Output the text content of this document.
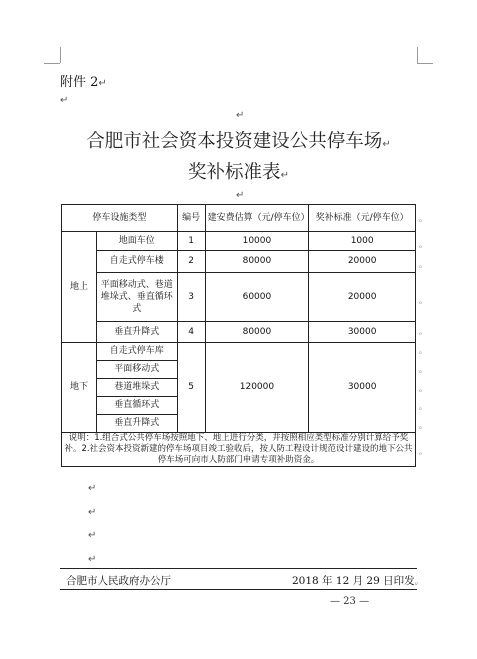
附件 2↵
↵
↵
合肥市社会资本投资建设公共停车场↵
奖补标准表↵
↵
停车设施类型		编号	建安费估算（元/停车位）	奖补标准（元/停车位）
地上	地面车位	1	10000	1000
	自走式停车楼	2	80000	20000
	平面移动式、巷道堆垛式、垂直循环式	3	60000	20000
	垂直升降式	4	80000	30000
地下	自走式停车库	5	120000	30000
	平面移动式			
	巷道堆垛式			
	垂直循环式			
	垂直升降式			
说明：1.组合式公共停车场按照地下、地上进行分类，并按照相应类型标准分别计算给予奖补。2.社会资本投资新建的停车场项目竣工验收后，按人防工程设计规范设计建设的地下公共停车场可向市人防部门申请专项补助资金。				
。
。
。
。
。
。
。
。
。
。
。
↵
↵
↵
↵
合肥市人民政府办公厅	2018 年 12 月 29 日印发。
— 23 —
